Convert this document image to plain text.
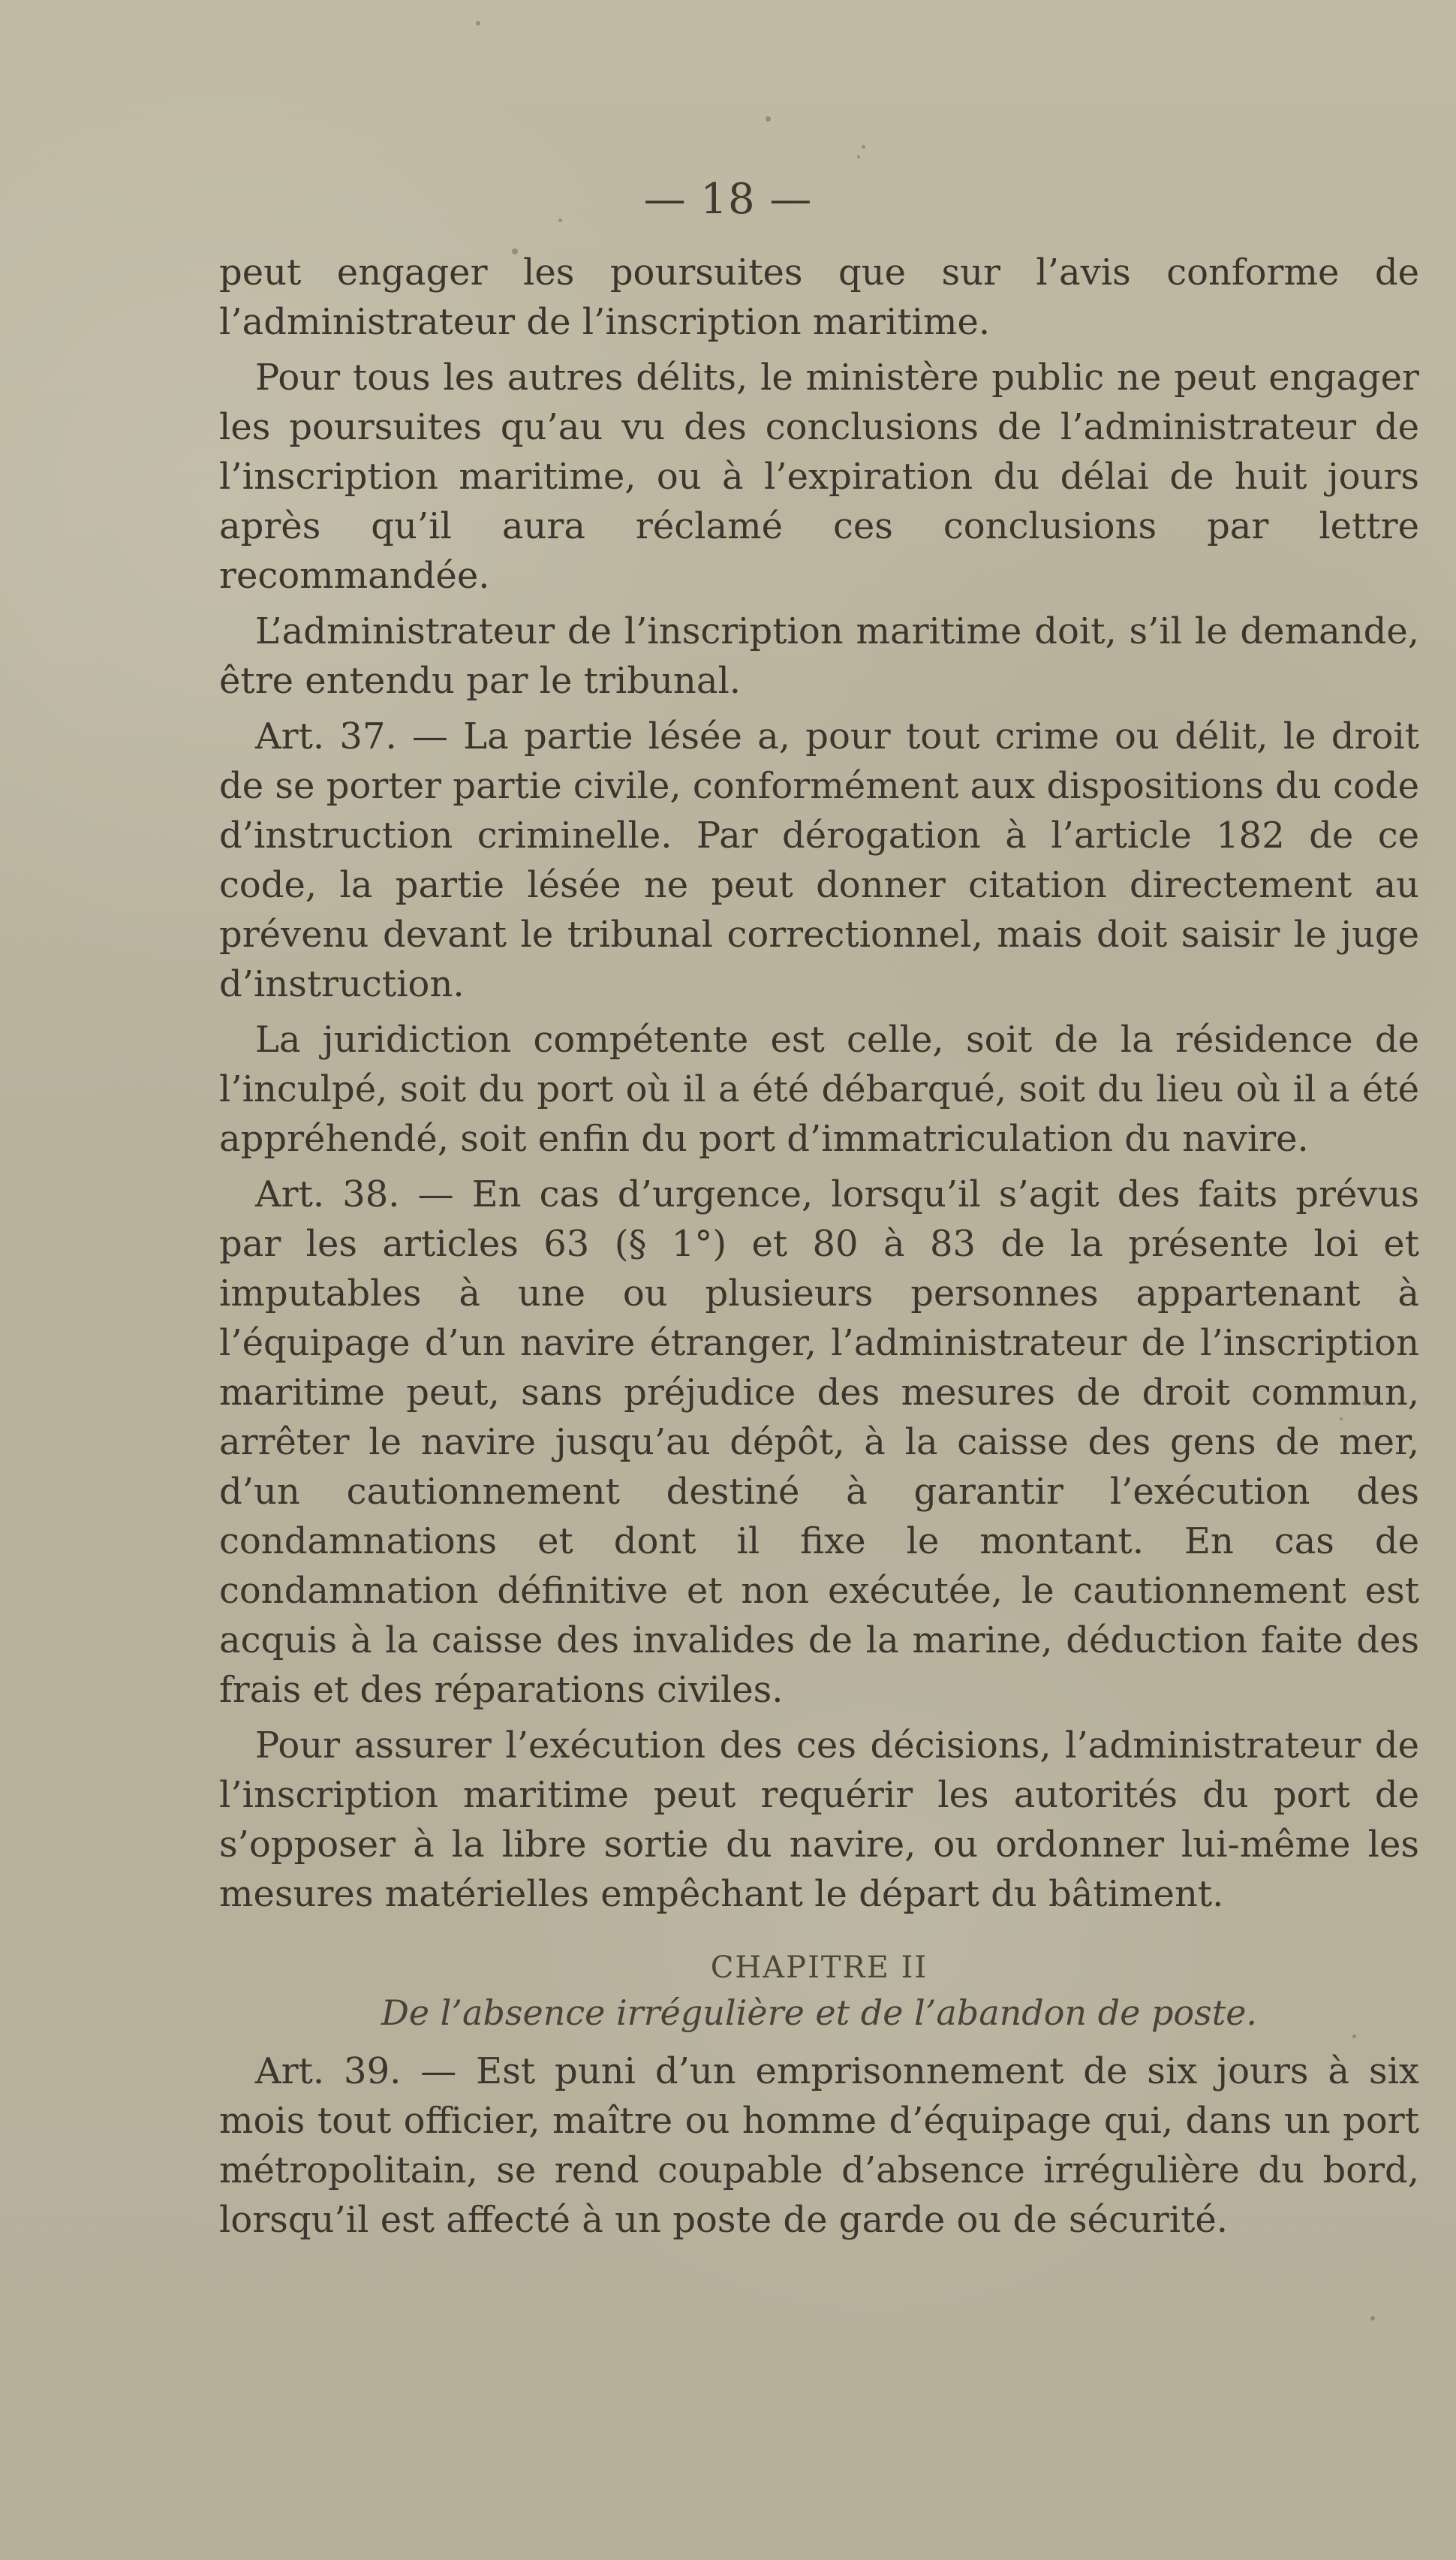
— 18 —

peut engager les poursuites que sur l’avis conforme de l’administrateur de l’inscription maritime.

Pour tous les autres délits, le ministère public ne peut engager les poursuites qu’au vu des conclusions de l’administrateur de l’inscription maritime, ou à l’expiration du délai de huit jours après qu’il aura réclamé ces conclusions par lettre recommandée.

L’administrateur de l’inscription maritime doit, s’il le demande, être entendu par le tribunal.

Art. 37. — La partie lésée a, pour tout crime ou délit, le droit de se porter partie civile, conformément aux dispositions du code d’instruction criminelle. Par dérogation à l’article 182 de ce code, la partie lésée ne peut donner citation directement au prévenu devant le tribunal correctionnel, mais doit saisir le juge d’instruction.

La juridiction compétente est celle, soit de la résidence de l’inculpé, soit du port où il a été débarqué, soit du lieu où il a été appréhendé, soit enfin du port d’immatriculation du navire.

Art. 38. — En cas d’urgence, lorsqu’il s’agit des faits prévus par les articles 63 (§ 1°) et 80 à 83 de la présente loi et imputables à une ou plusieurs personnes appartenant à l’équipage d’un navire étranger, l’administrateur de l’inscription maritime peut, sans préjudice des mesures de droit commun, arrêter le navire jusqu’au dépôt, à la caisse des gens de mer, d’un cautionnement destiné à garantir l’exécution des condamnations et dont il fixe le montant. En cas de condamnation définitive et non exécutée, le cautionnement est acquis à la caisse des invalides de la marine, déduction faite des frais et des réparations civiles.

Pour assurer l’exécution des ces décisions, l’administrateur de l’inscription maritime peut requérir les autorités du port de s’opposer à la libre sortie du navire, ou ordonner lui-même les mesures matérielles empêchant le départ du bâtiment.

CHAPITRE II
De l’absence irrégulière et de l’abandon de poste.

Art. 39. — Est puni d’un emprisonnement de six jours à six mois tout officier, maître ou homme d’équipage qui, dans un port métropolitain, se rend coupable d’absence irrégulière du bord, lorsqu’il est affecté à un poste de garde ou de sécurité.
